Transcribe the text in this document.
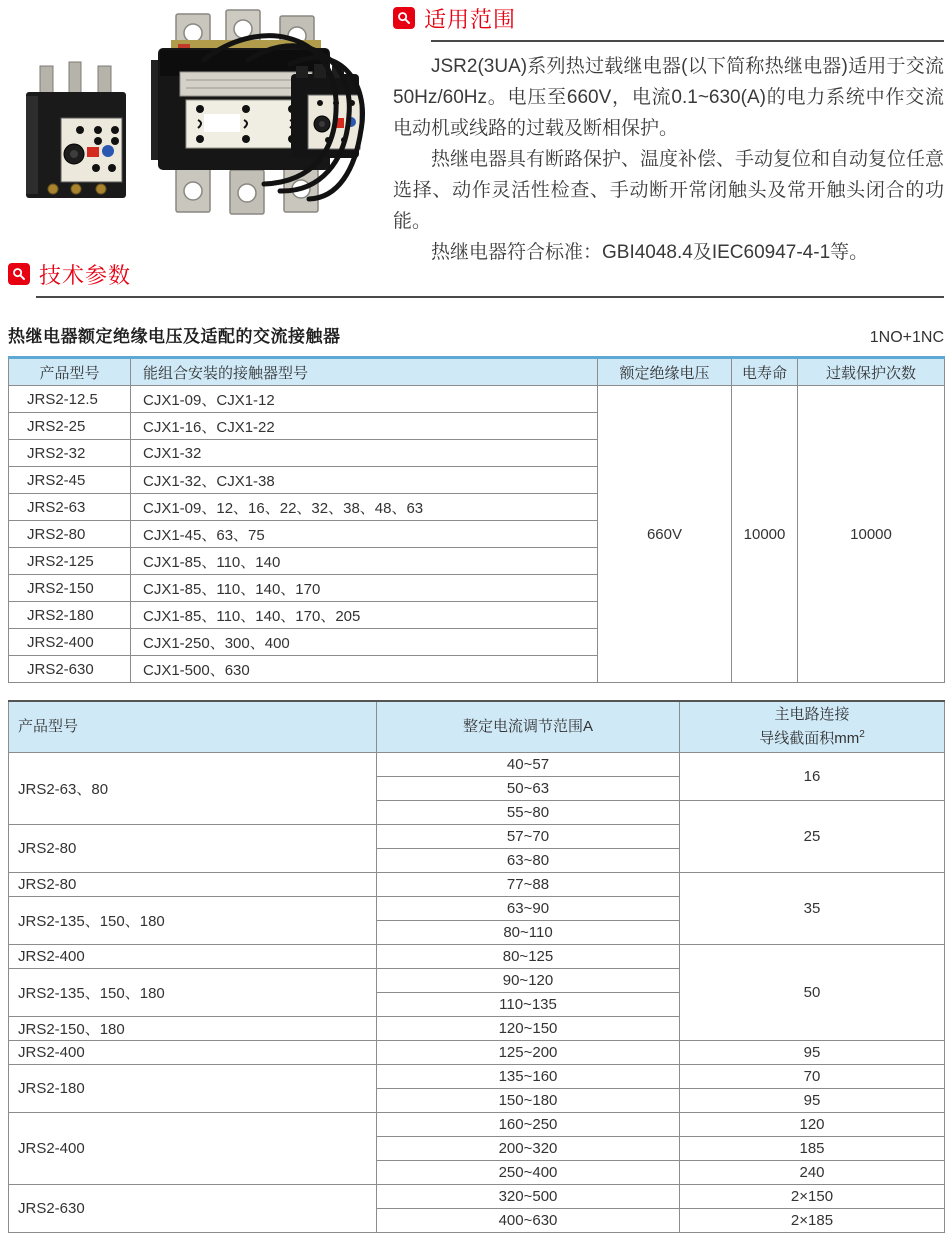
适用范围

JSR2(3UA)系列热过载继电器(以下简称热继电器)适用于交流50Hz/60Hz。电压至660V，电流0.1~630(A)的电力系统中作交流电动机或线路的过载及断相保护。

热继电器具有断路保护、温度补偿、手动复位和自动复位任意选择、动作灵活性检查、手动断开常闭触头及常开触头闭合的功能。

热继电器符合标准：GBI4048.4及IEC60947-4-1等。

技术参数
热继电器额定绝缘电压及适配的交流接触器	1NO+1NC
产品型号	能组合安装的接触器型号	额定绝缘电压	电寿命	过载保护次数
JRS2-12.5	CJX1-09、CJX1-12	660V	10000	10000
JRS2-25	CJX1-16、CJX1-22			
JRS2-32	CJX1-32			
JRS2-45	CJX1-32、CJX1-38			
JRS2-63	CJX1-09、12、16、22、32、38、48、63			
JRS2-80	CJX1-45、63、75			
JRS2-125	CJX1-85、110、140			
JRS2-150	CJX1-85、110、140、170			
JRS2-180	CJX1-85、110、140、170、205			
JRS2-400	CJX1-250、300、400			
JRS2-630	CJX1-500、630			
产品型号	整定电流调节范围A	主电路连接
导线截面积$mm^2$
JRS2-63、80	40~57	16
	50~63	
	55~80	25
JRS2-80	57~70	
	63~80	
JRS2-80	77~88	35
JRS2-135、150、180	63~90	
	80~110	
JRS2-400	80~125	50
JRS2-135、150、180	90~120	
	110~135	
JRS2-150、180	120~150	
JRS2-400	125~200	95
JRS2-180	135~160	70
	150~180	95
JRS2-400	160~250	120
	200~320	185
	250~400	240
JRS2-630	320~500	2×150
	400~630	2×185
